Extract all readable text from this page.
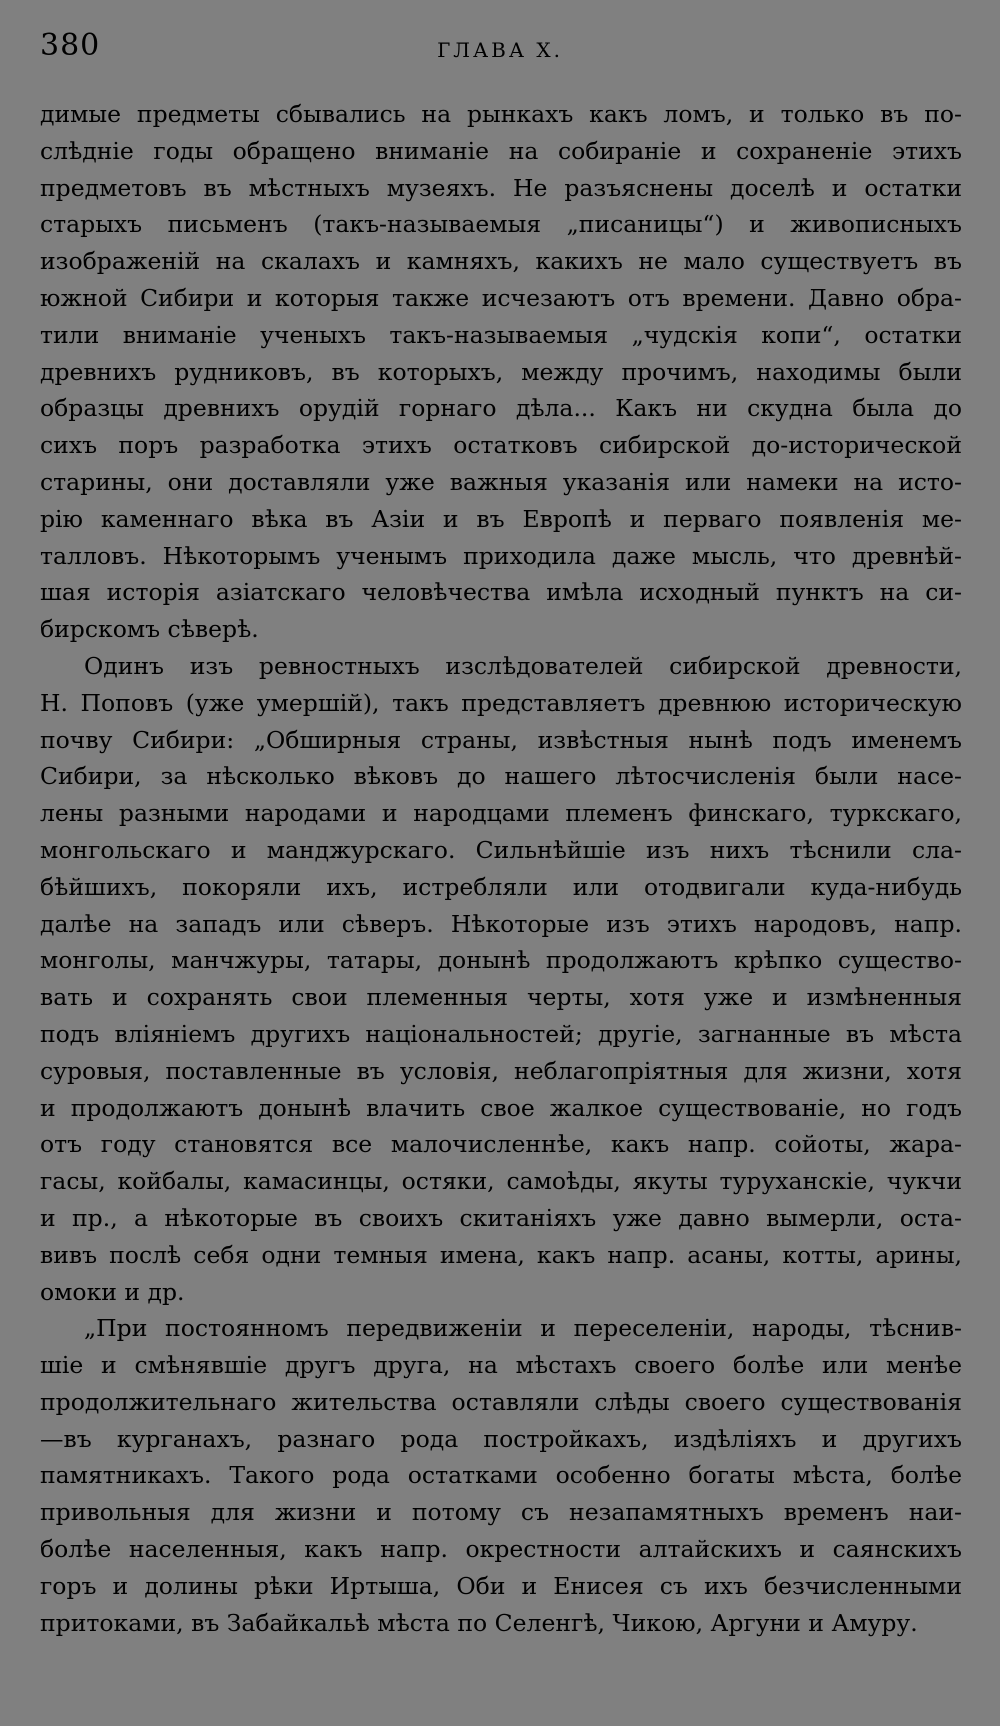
380	ГЛАВА X.
димые предметы сбывались на рынкахъ какъ ломъ, и только въ по-
слѣдніе годы обращено вниманіе на собираніе и сохраненіе этихъ
предметовъ въ мѣстныхъ музеяхъ. Не разъяснены доселѣ и остатки
старыхъ письменъ (такъ-называемыя „писаницы“) и живописныхъ
изображеній на скалахъ и камняхъ, какихъ не мало существуетъ въ
южной Сибири и которыя также исчезаютъ отъ времени. Давно обра-
тили вниманіе ученыхъ такъ-называемыя „чудскія копи“, остатки
древнихъ рудниковъ, въ которыхъ, между прочимъ, находимы были
образцы древнихъ орудій горнаго дѣла... Какъ ни скудна была до
сихъ поръ разработка этихъ остатковъ сибирской до-исторической
старины, они доставляли уже важныя указанія или намеки на исто-
рію каменнаго вѣка въ Азіи и въ Европѣ и перваго появленія ме-
талловъ. Нѣкоторымъ ученымъ приходила даже мысль, что древнѣй-
шая исторія азіатскаго человѣчества имѣла исходный пунктъ на си-
бирскомъ сѣверѣ.
Одинъ изъ ревностныхъ изслѣдователей сибирской древности,
Н. Поповъ (уже умершій), такъ представляетъ древнюю историческую
почву Сибири: „Обширныя страны, извѣстныя нынѣ подъ именемъ
Сибири, за нѣсколько вѣковъ до нашего лѣтосчисленія были насе-
лены разными народами и народцами племенъ финскаго, туркскаго,
монгольскаго и манджурскаго. Сильнѣйшіе изъ нихъ тѣснили сла-
бѣйшихъ, покоряли ихъ, истребляли или отодвигали куда-нибудь
далѣе на западъ или сѣверъ. Нѣкоторые изъ этихъ народовъ, напр.
монголы, манчжуры, татары, донынѣ продолжаютъ крѣпко существо-
вать и сохранять свои племенныя черты, хотя уже и измѣненныя
подъ вліяніемъ другихъ національностей; другіе, загнанные въ мѣста
суровыя, поставленные въ условія, неблагопріятныя для жизни, хотя
и продолжаютъ донынѣ влачить свое жалкое существованіе, но годъ
отъ году становятся все малочисленнѣе, какъ напр. сойоты, жара-
гасы, койбалы, камасинцы, остяки, самоѣды, якуты туруханскіе, чукчи
и пр., а нѣкоторые въ своихъ скитаніяхъ уже давно вымерли, оста-
вивъ послѣ себя одни темныя имена, какъ напр. асаны, котты, арины,
омоки и др.
„При постоянномъ передвиженіи и переселеніи, народы, тѣснив-
шіе и смѣнявшіе другъ друга, на мѣстахъ своего болѣе или менѣе
продолжительнаго жительства оставляли слѣды своего существованія
—въ курганахъ, разнаго рода постройкахъ, издѣліяхъ и другихъ
памятникахъ. Такого рода остатками особенно богаты мѣста, болѣе
привольныя для жизни и потому съ незапамятныхъ временъ наи-
болѣе населенныя, какъ напр. окрестности алтайскихъ и саянскихъ
горъ и долины рѣки Иртыша, Оби и Енисея съ ихъ безчисленными
притоками, въ Забайкальѣ мѣста по Селенгѣ, Чикою, Аргуни и Амуру.
